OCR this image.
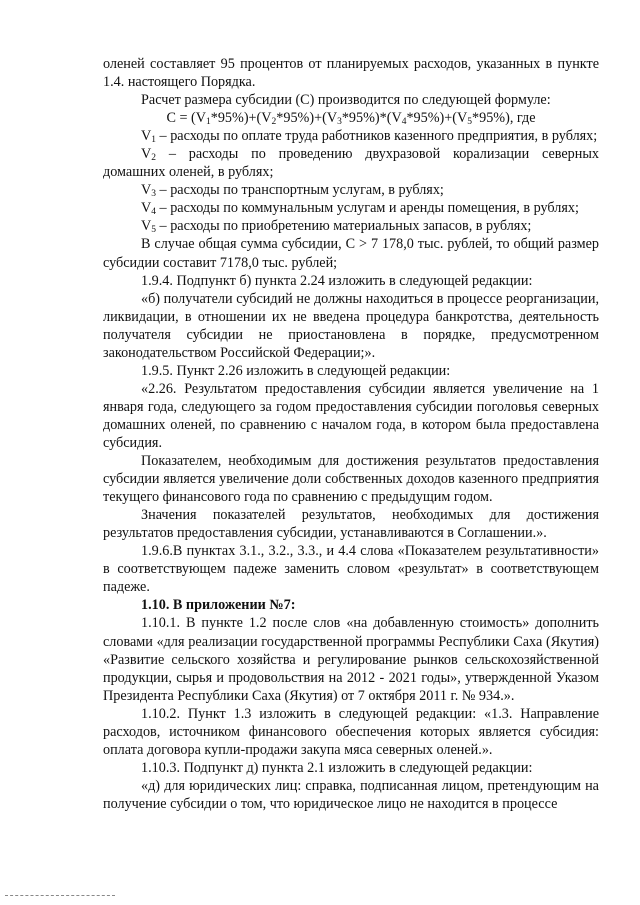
оленей составляет 95 процентов от планируемых расходов, указанных в пункте 1.4. настоящего Порядка.

Расчет размера субсидии (С) производится по следующей формуле:

$C = (V_1*95\%)+(V_2*95\%)+(V_3*95\%)*(V_4*95\%)+(V_5*95\%)$, где

$V_1$ – расходы по оплате труда работников казенного предприятия, в рублях;

$V_2$ – расходы по проведению двухразовой корализации северных домашних оленей, в рублях;

$V_3$ – расходы по транспортным услугам, в рублях;

$V_4$ – расходы по коммунальным услугам и аренды помещения, в рублях;

$V_5$ – расходы по приобретению материальных запасов, в рублях;

В случае общая сумма субсидии, С > 7 178,0 тыс. рублей, то общий размер субсидии составит 7178,0 тыс. рублей;

1.9.4. Подпункт б) пункта 2.24 изложить в следующей редакции:

«б) получатели субсидий не должны находиться в процессе реорганизации, ликвидации, в отношении их не введена процедура банкротства, деятельность получателя субсидии не приостановлена в порядке, предусмотренном законодательством Российской Федерации;».

1.9.5. Пункт 2.26 изложить в следующей редакции:

«2.26. Результатом предоставления субсидии является увеличение на 1 января года, следующего за годом предоставления субсидии поголовья северных домашних оленей, по сравнению с началом года, в котором была предоставлена субсидия.

Показателем, необходимым для достижения результатов предоставления субсидии является увеличение доли собственных доходов казенного предприятия текущего финансового года по сравнению с предыдущим годом.

Значения показателей результатов, необходимых для достижения результатов предоставления субсидии, устанавливаются в Соглашении.».

1.9.6.В пунктах 3.1., 3.2., 3.3., и 4.4 слова «Показателем результативности» в соответствующем падеже заменить словом «результат» в соответствующем падеже.

1.10. В приложении №7:

1.10.1. В пункте 1.2 после слов «на добавленную стоимость» дополнить словами «для реализации государственной программы Республики Саха (Якутия) «Развитие сельского хозяйства и регулирование рынков сельскохозяйственной продукции, сырья и продовольствия на 2012 - 2021 годы», утвержденной Указом Президента Республики Саха (Якутия) от 7 октября 2011 г. № 934.».

1.10.2. Пункт 1.3 изложить в следующей редакции: «1.3. Направление расходов, источником финансового обеспечения которых является субсидия: оплата договора купли-продажи закупа мяса северных оленей.».

1.10.3. Подпункт д) пункта 2.1 изложить в следующей редакции:

«д) для юридических лиц: справка, подписанная лицом, претендующим на получение субсидии о том, что юридическое лицо не находится в процессе
